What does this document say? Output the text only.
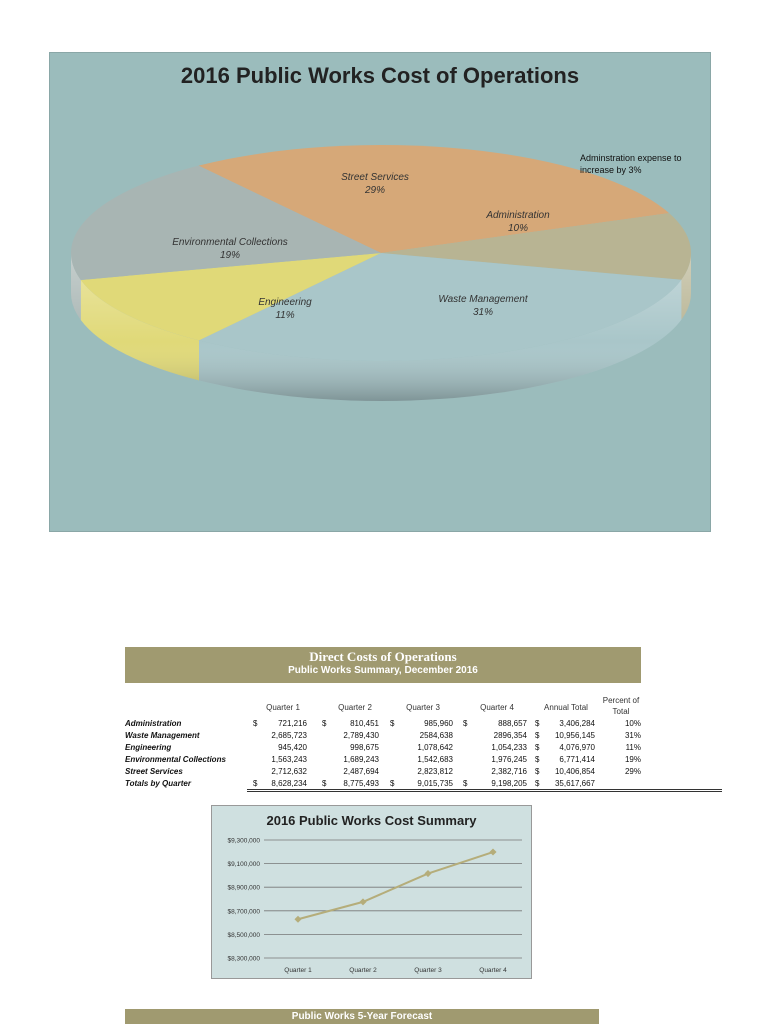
2016 Public Works Cost of Operations
Adminstration expense to increase by 3%
Street Services
29%
Administration
10%
Waste Management
31%
Engineering
11%
Environmental Collections
19%
Direct Costs of Operations
Public Works Summary, December 2016
Quarter 1	Quarter 2	Quarter 3	Quarter 4	Annual Total
Percent of Total
Administration	$	721,216 $	810,451 $	985,960 $	888,657 $ 3,406,284	10%
Waste Management	2,685,723	2,789,430	2584,638	2896,354 $ 10,956,145	31%
Engineering	945,420	998,675	1,078,642	1,054,233 $ 4,076,970	11%
Environmental Collections	1,563,243	1,689,243	1,542,683	1,976,245 $ 6,771,414	19%
Street Services	2,712,632	2,487,694	2,823,812	2,382,716 $ 10,406,854	29%
Totals by Quarter	$ 8,628,234 $ 8,775,493 $	9,015,735 $	9,198,205 $ 35,617,667
$9,300,000
$9,100,000
$8,900,000
$8,700,000
$8,500,000
$8,300,000
Quarter 1	Quarter 2	Quarter 3	Quarter 4
2016 Public Works Cost Summary
Public Works 5-Year Forecast
